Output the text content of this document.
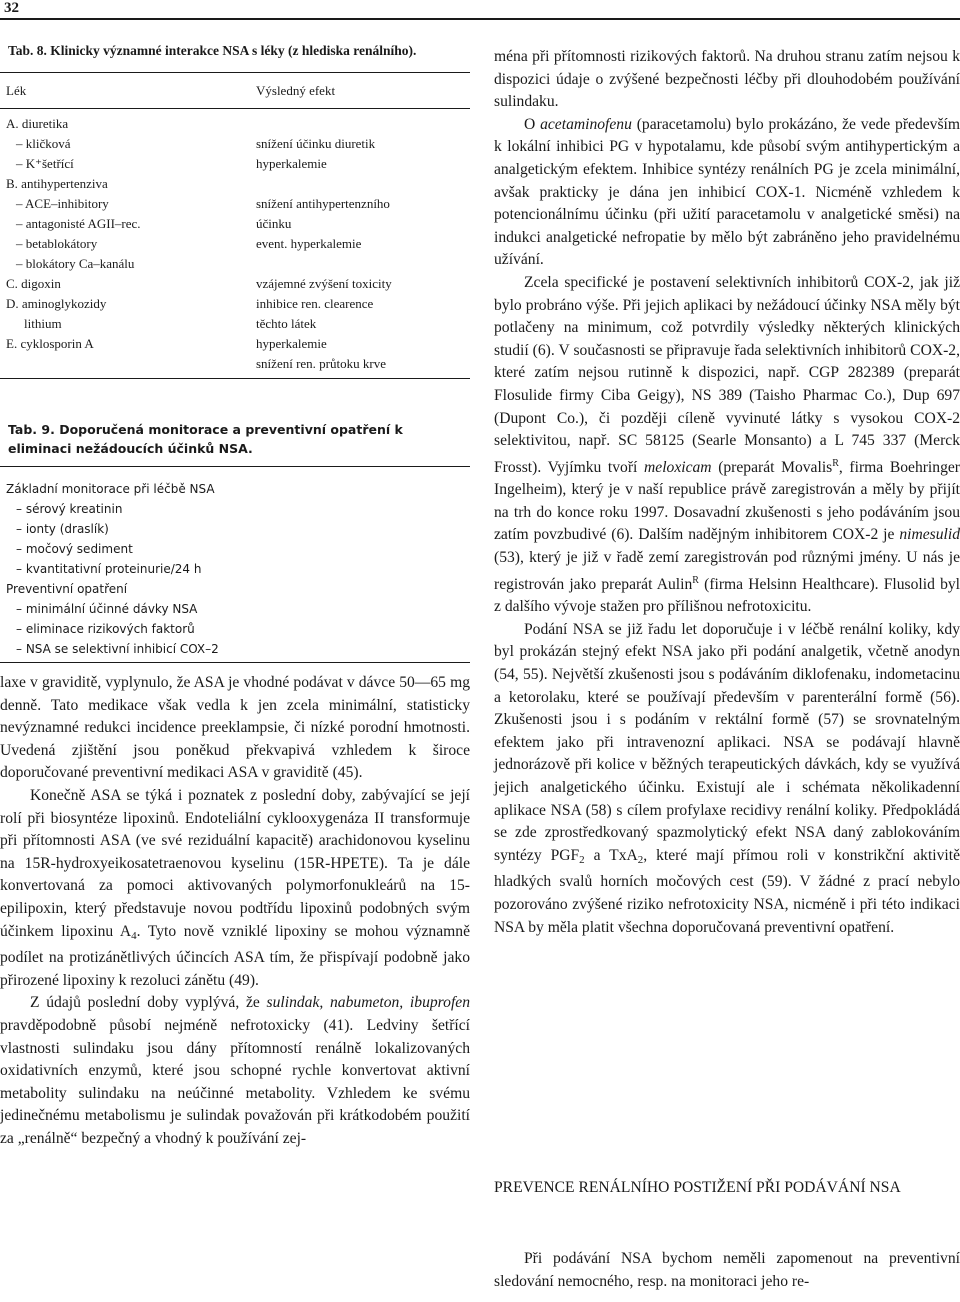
32
Tab. 8. Klinicky významné interakce NSA s léky (z hlediska renálního).
Lék	Výsledný efekt
A. diuretika
– kličková
– K⁺šetřící
B. antihypertenziva
– ACE–inhibitory
– antagonisté AGII–rec.
– betablokátory
– blokátory Ca–kanálu
C. digoxin
D. aminoglykozidy
lithium
E. cyklosporin A
snížení účinku diuretik
hyperkalemie
snížení antihypertenzního
účinku
event. hyperkalemie
vzájemné zvýšení toxicity
inhibice ren. clearence
těchto látek
hyperkalemie
snížení ren. průtoku krve
Tab. 9. Doporučená monitorace a preventivní opatření k eliminaci nežádoucích účinků NSA.
Základní monitorace při léčbě NSA
– sérový kreatinin
– ionty (draslík)
– močový sediment
– kvantitativní proteinurie/24 h
Preventivní opatření
– minimální účinné dávky NSA
– eliminace rizikových faktorů
– NSA se selektivní inhibicí COX–2

laxe v graviditě, vyplynulo, že ASA je vhodné podávat v dávce 50—65 mg denně. Tato medikace však vedla k jen zcela minimální, statisticky nevýznamné redukci incidence preeklampsie, či nízké porodní hmotnosti. Uvedená zjištění jsou poněkud překvapivá vzhledem k široce doporučované preventivní medikaci ASA v graviditě (45).

Konečně ASA se týká i poznatek z poslední doby, zabývající se její rolí při biosyntéze lipoxinů. Endoteliální cyklooxygenáza II transformuje při přítomnosti ASA (ve své reziduální kapacitě) arachidonovou kyselinu na 15R-hydroxyeikosatetraenovou kyselinu (15R-HPETE). Ta je dále konvertovaná za pomoci aktivovaných polymorfonukleárů na 15-epilipoxin, který představuje novou podtřídu lipoxinů podobných svým účinkem lipoxinu $A_4$. Tyto nově vzniklé lipoxiny se mohou významně podílet na protizánětlivých účincích ASA tím, že přispívají podobně jako přirozené lipoxiny k rezoluci zánětu (49).

Z údajů poslední doby vyplývá, že sulindak, nabumeton, ibuprofen pravděpodobně působí nejméně nefrotoxicky (41). Ledviny šetřící vlastnosti sulindaku jsou dány přítomností renálně lokalizovaných oxidativních enzymů, které jsou schopné rychle konvertovat aktivní metabolity sulindaku na neúčinné metabolity. Vzhledem ke svému jedinečnému metabolismu je sulindak považován při krátkodobém použití za „renálně“ bezpečný a vhodný k používání zej-

ména při přítomnosti rizikových faktorů. Na druhou stranu zatím nejsou k dispozici údaje o zvýšené bezpečnosti léčby při dlouhodobém používání sulindaku.

O acetaminofenu (paracetamolu) bylo prokázáno, že vede především k lokální inhibici PG v hypotalamu, kde působí svým antihypertickým a analgetickým efektem. Inhibice syntézy renálních PG je zcela minimální, avšak prakticky je dána jen inhibicí COX-1. Nicméně vzhledem k potencionálnímu účinku (při užití paracetamolu v analgetické směsi) na indukci analgetické nefropatie by mělo být zabráněno jeho pravidelnému užívání.

Zcela specifické je postavení selektivních inhibitorů COX-2, jak již bylo probráno výše. Při jejich aplikaci by nežádoucí účinky NSA měly být potlačeny na minimum, což potvrdily výsledky některých klinických studií (6). V současnosti se připravuje řada selektivních inhibitorů COX-2, které zatím nejsou rutinně k dispozici, např. CGP 282389 (preparát Flosulide firmy Ciba Geigy), NS 389 (Taisho Pharmac Co.), Dup 697 (Dupont Co.), či později cíleně vyvinuté látky s vysokou COX-2 selektivitou, např. SC 58125 (Searle Monsanto) a L 745 337 (Merck Frosst). Vyjímku tvoří meloxicam (preparát Movalis$^R$, firma Boehringer Ingelheim), který je v naší republice právě zaregistrován a měly by přijít na trh do konce roku 1997. Dosavadní zkušenosti s jeho podáváním jsou zatím povzbudivé (6). Dalším nadějným inhibitorem COX-2 je nimesulid (53), který je již v řadě zemí zaregistrován pod různými jmény. U nás je registrován jako preparát Aulin$^R$ (firma Helsinn Healthcare). Flusolid byl z dalšího vývoje stažen pro přílišnou nefrotoxicitu.

Podání NSA se již řadu let doporučuje i v léčbě renální koliky, kdy byl prokázán stejný efekt NSA jako při podání analgetik, včetně anodyn (54, 55). Největší zkušenosti jsou s podáváním diklofenaku, indometacinu a ketorolaku, které se používají především v parenterální formě (56). Zkušenosti jsou i s podáním v rektální formě (57) se srovnatelným efektem jako při intravenozní aplikaci. NSA se podávají hlavně jednorázově při kolice v běžných terapeutických dávkách, kdy se využívá jejich analgetického účinku. Existují ale i schémata několikadenní aplikace NSA (58) s cílem profylaxe recidivy renální koliky. Předpokládá se zde zprostředkovaný spazmolytický efekt NSA daný zablokováním syntézy $PGF_2$ a TxA$_2$, které mají přímou roli v konstrikční aktivitě hladkých svalů horních močových cest (59). V žádné z prací nebylo pozorováno zvýšené riziko nefrotoxicity NSA, nicméně i při této indikaci NSA by měla platit všechna doporučovaná preventivní opatření.

PREVENCE RENÁLNÍHO POSTIŽENÍ PŘI PODÁVÁNÍ NSA

Při podávání NSA bychom neměli zapomenout na preventivní sledování nemocného, resp. na monitoraci jeho re-
